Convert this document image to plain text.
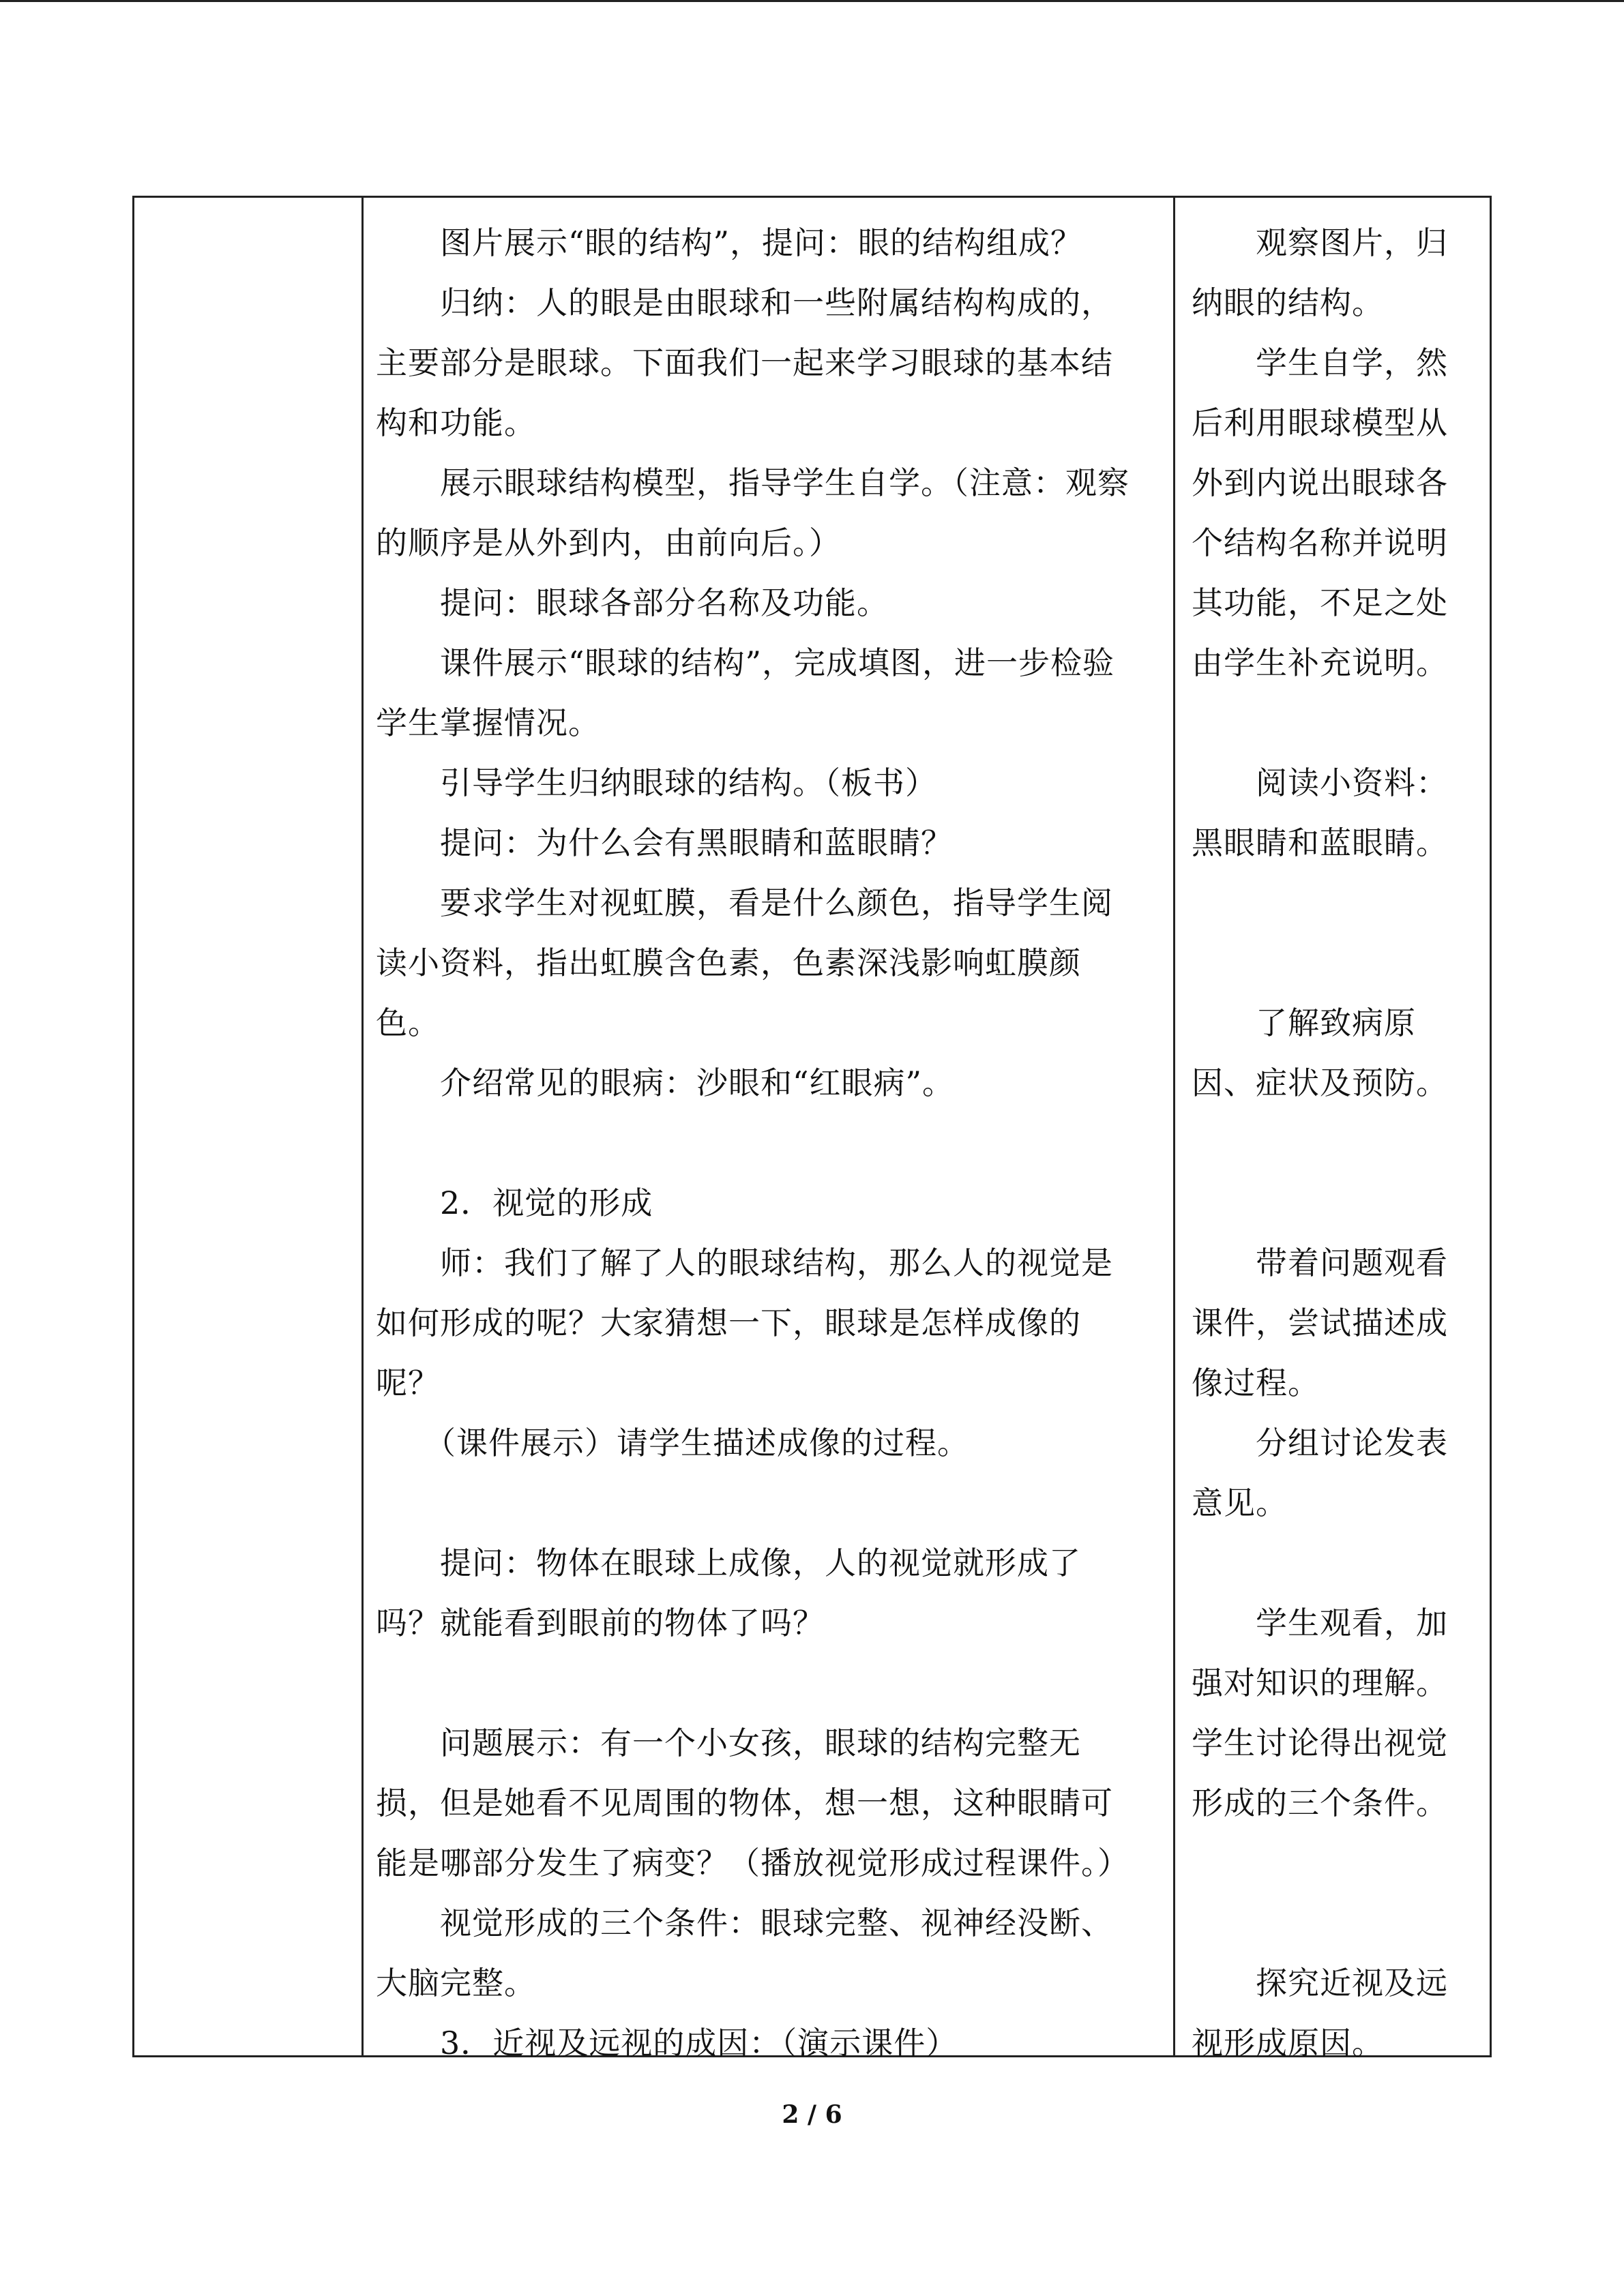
　　图片展示“眼的结构”，提问：眼的结构组成？
　　归纳：人的眼是由眼球和一些附属结构构成的，
主要部分是眼球。下面我们一起来学习眼球的基本结
构和功能。
　　展示眼球结构模型，指导学生自学。（注意：观察
的顺序是从外到内，由前向后。）
　　提问：眼球各部分名称及功能。
　　课件展示“眼球的结构”，完成填图，进一步检验
学生掌握情况。
　　引导学生归纳眼球的结构。（板书）
　　提问：为什么会有黑眼睛和蓝眼睛？
　　要求学生对视虹膜，看是什么颜色，指导学生阅
读小资料，指出虹膜含色素，色素深浅影响虹膜颜
色。
　　介绍常见的眼病：沙眼和“红眼病”。
　　2．视觉的形成
　　师：我们了解了人的眼球结构，那么人的视觉是
如何形成的呢？大家猜想一下，眼球是怎样成像的
呢？
　　（课件展示）请学生描述成像的过程。
　　提问：物体在眼球上成像，人的视觉就形成了
吗？就能看到眼前的物体了吗？
　　问题展示：有一个小女孩，眼球的结构完整无
损，但是她看不见周围的物体，想一想，这种眼睛可
能是哪部分发生了病变？（播放视觉形成过程课件。）
　　视觉形成的三个条件：眼球完整、视神经没断、
大脑完整。
　　3．近视及远视的成因：（演示课件）
　　观察图片，归
纳眼的结构。
　　学生自学，然
后利用眼球模型从
外到内说出眼球各
个结构名称并说明
其功能，不足之处
由学生补充说明。
　　阅读小资料：
黑眼睛和蓝眼睛。
　　了解致病原
因、症状及预防。
　　带着问题观看
课件，尝试描述成
像过程。
　　分组讨论发表
意见。
　　学生观看，加
强对知识的理解。
学生讨论得出视觉
形成的三个条件。
　　探究近视及远
视形成原因。
2 / 6
